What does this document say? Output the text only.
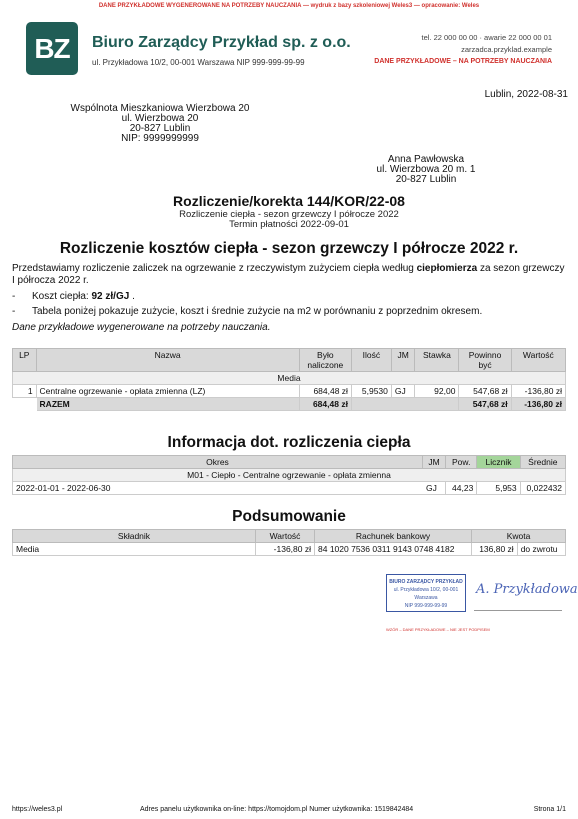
DANE PRZYKŁADOWE WYGENEROWANE NA POTRZEBY NAUCZANIA — wydruk z bazy szkoleniowej Weles3 — opracowanie: Weles
BZ	Biuro Zarządcy Przykład sp. z o.o.
ul. Przykładowa 10/2, 00-001 Warszawa NIP 999-999-99-99
tel. 22 000 00 00 · awarie 22 000 00 01
zarzadca.przyklad.example
DANE PRZYKŁADOWE – NA POTRZEBY NAUCZANIA
Lublin, 2022-08-31
Wspólnota Mieszkaniowa Wierzbowa 20
ul. Wierzbowa 20
20-827 Lublin
NIP: 9999999999
Anna Pawłowska
ul. Wierzbowa 20 m. 1
20-827 Lublin
Rozliczenie/korekta 144/KOR/22-08
Rozliczenie ciepła - sezon grzewczy I półrocze 2022
Termin płatności 2022-09-01
Rozliczenie kosztów ciepła - sezon grzewczy I półrocze 2022 r.
Przedstawiamy rozliczenie zaliczek na ogrzewanie z rzeczywistym zużyciem ciepła według ciepłomierza za sezon grzewczy I półrocza 2022 r.
- Koszt ciepła: 92 zł/GJ .
- Tabela poniżej pokazuje zużycie, koszt i średnie zużycie na m2 w porównaniu z poprzednim okresem.
Dane przykładowe wygenerowane na potrzeby nauczania.
LP	Nazwa	Było naliczone	Ilość	JM	Stawka	Powinno być	Wartość
Media							
1	Centralne ogrzewanie - opłata zmienna (LZ)	684,48 zł	5,9530	GJ	92,00	547,68 zł	-136,80 zł
	RAZEM	684,48 zł				547,68 zł	-136,80 zł
Informacja dot. rozliczenia ciepła
Okres	JM	Pow.	Licznik	Średnie
M01 - Ciepło - Centralne ogrzewanie - opłata zmienna				
2022-01-01 - 2022-06-30	GJ	44,23	5,953	0,022432
Podsumowanie
Składnik	Wartość	Rachunek bankowy	Kwota	
Media	-136,80 zł	84 1020 7536 0311 9143 0748 4182	136,80 zł	do zwrotu
BIURO ZARZĄDCY PRZYKŁAD
ul. Przykładowa 10/2, 00-001 Warszawa
NIP 999-999-99-99
A. Przykładowa
WZÓR – DANE PRZYKŁADOWE – NIE JEST PODPISEM
https://weles3.pl	Adres panelu użytkownika on-line: https://tomojdom.pl Numer użytkownika: 1519842484	Strona 1/1
